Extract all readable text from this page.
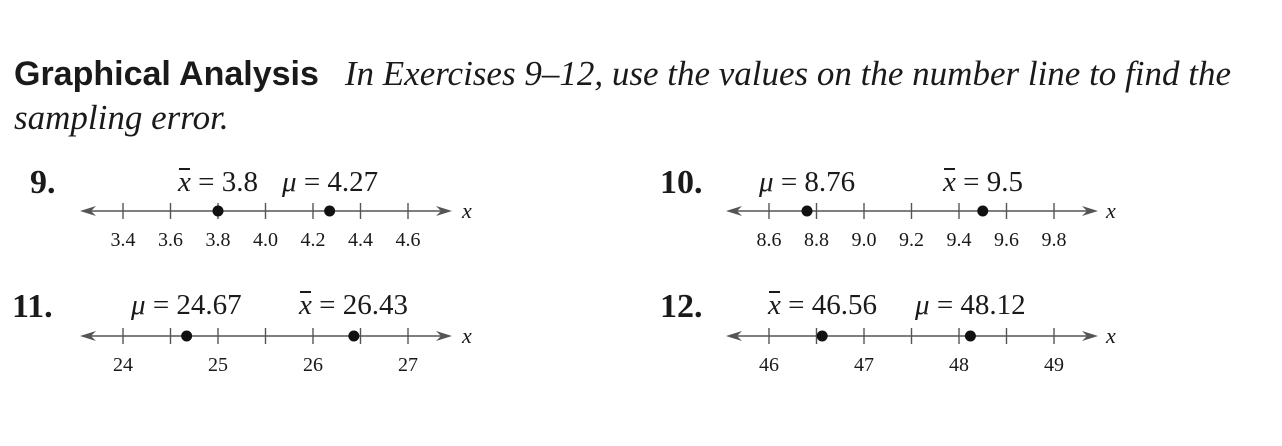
Graphical Analysis In Exercises 9–12, use the values on the number line to find the sampling error.
9.	10.
11.	12.
3.4 3.6 3.8 4.0 4.2 4.4 4.6
x
8.6 8.8 9.0 9.2 9.4 9.6 9.8
x
24	25	26	27
x
46	47	48	49
x
x = 3.8 μ = 4.27	μ = 8.76	x = 9.5
μ = 24.67 x = 26.43	x = 46.56 μ = 48.12
